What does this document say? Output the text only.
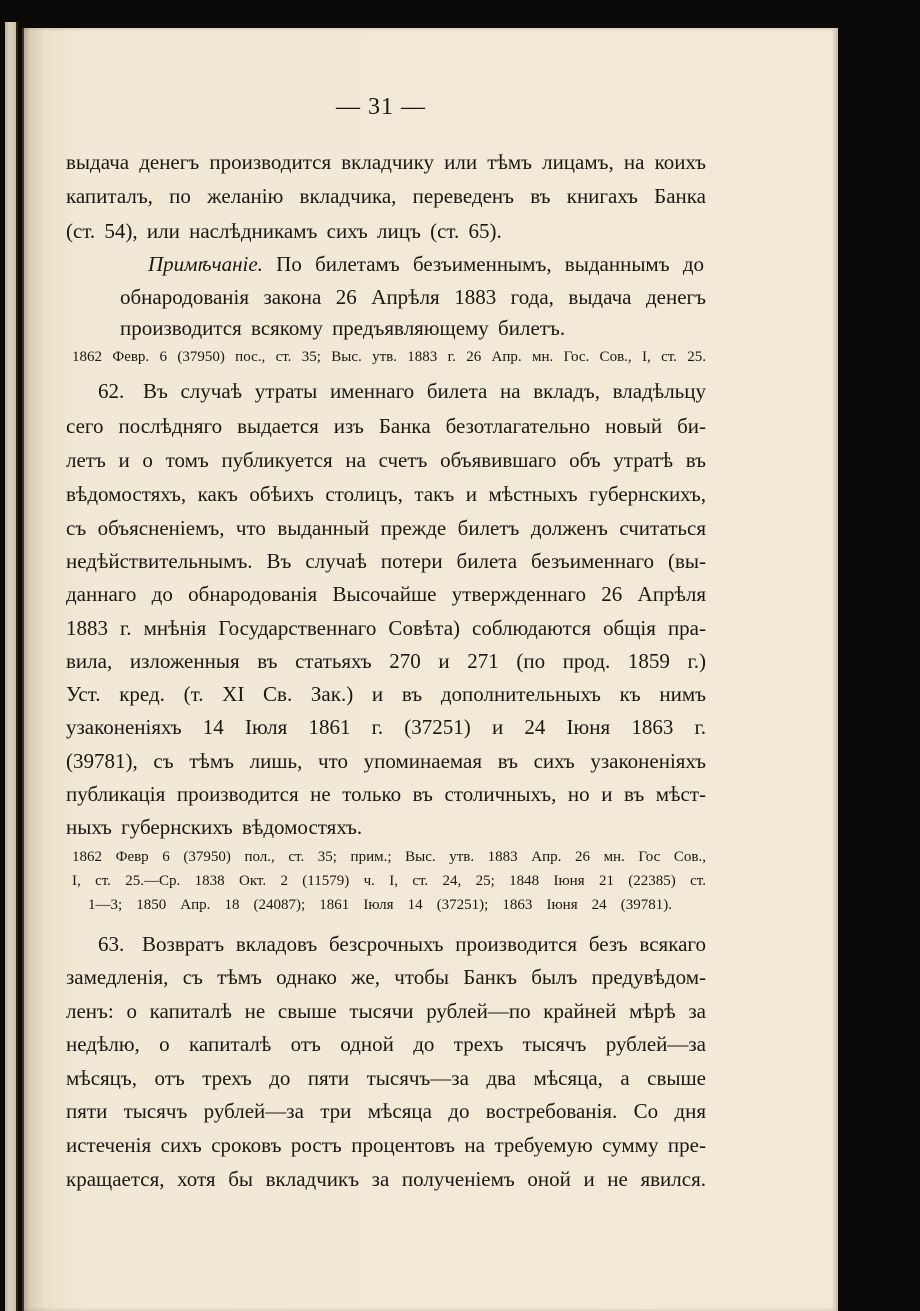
— 31 —
выдача денегъ производится вкладчику или тѣмъ лицамъ, на коихъ
капиталъ, по желанію вкладчика, переведенъ въ книгахъ Банка
(ст. 54), или наслѣдникамъ сихъ лицъ (ст. 65).
Примѣчаніе. По билетамъ безъименнымъ, выданнымъ до
обнародованія закона 26 Апрѣля 1883 года, выдача денегъ
производится всякому предъявляющему билетъ.
1862 Февр. 6 (37950) пос., ст. 35; Выс. утв. 1883 г. 26 Апр. мн. Гос. Сов., I, ст. 25.
62. Въ случаѣ утраты именнаго билета на вкладъ, владѣльцу
сего послѣдняго выдается изъ Банка безотлагательно новый би-
летъ и о томъ публикуется на счетъ объявившаго объ утратѣ въ
вѣдомостяхъ, какъ обѣихъ столицъ, такъ и мѣстныхъ губернскихъ,
съ объясненіемъ, что выданный прежде билетъ долженъ считаться
недѣйствительнымъ. Въ случаѣ потери билета безъименнаго (вы-
даннаго до обнародованія Высочайше утвержденнаго 26 Апрѣля
1883 г. мнѣнія Государственнаго Совѣта) соблюдаются общія пра-
вила, изложенныя въ статьяхъ 270 и 271 (по прод. 1859 г.)
Уст. кред. (т. XI Св. Зак.) и въ дополнительныхъ къ нимъ
узаконеніяхъ 14 Іюля 1861 г. (37251) и 24 Іюня 1863 г.
(39781), съ тѣмъ лишь, что упоминаемая въ сихъ узаконеніяхъ
публикація производится не только въ столичныхъ, но и въ мѣст-
ныхъ губернскихъ вѣдомостяхъ.
1862 Февр 6 (37950) пол., ст. 35; прим.; Выс. утв. 1883 Апр. 26 мн. Гос Сов.,
I, ст. 25.—Ср. 1838 Окт. 2 (11579) ч. I, ст. 24, 25; 1848 Іюня 21 (22385) ст.
1—3; 1850 Апр. 18 (24087); 1861 Іюля 14 (37251); 1863 Іюня 24 (39781).
63. Возвратъ вкладовъ безсрочныхъ производится безъ всякаго
замедленія, съ тѣмъ однако же, чтобы Банкъ былъ предувѣдом-
ленъ: о капиталѣ не свыше тысячи рублей—по крайней мѣрѣ за
недѣлю, о капиталѣ отъ одной до трехъ тысячъ рублей—за
мѣсяцъ, отъ трехъ до пяти тысячъ—за два мѣсяца, а свыше
пяти тысячъ рублей—за три мѣсяца до востребованія. Со дня
истеченія сихъ сроковъ ростъ процентовъ на требуемую сумму пре-
кращается, хотя бы вкладчикъ за полученіемъ оной и не явился.
